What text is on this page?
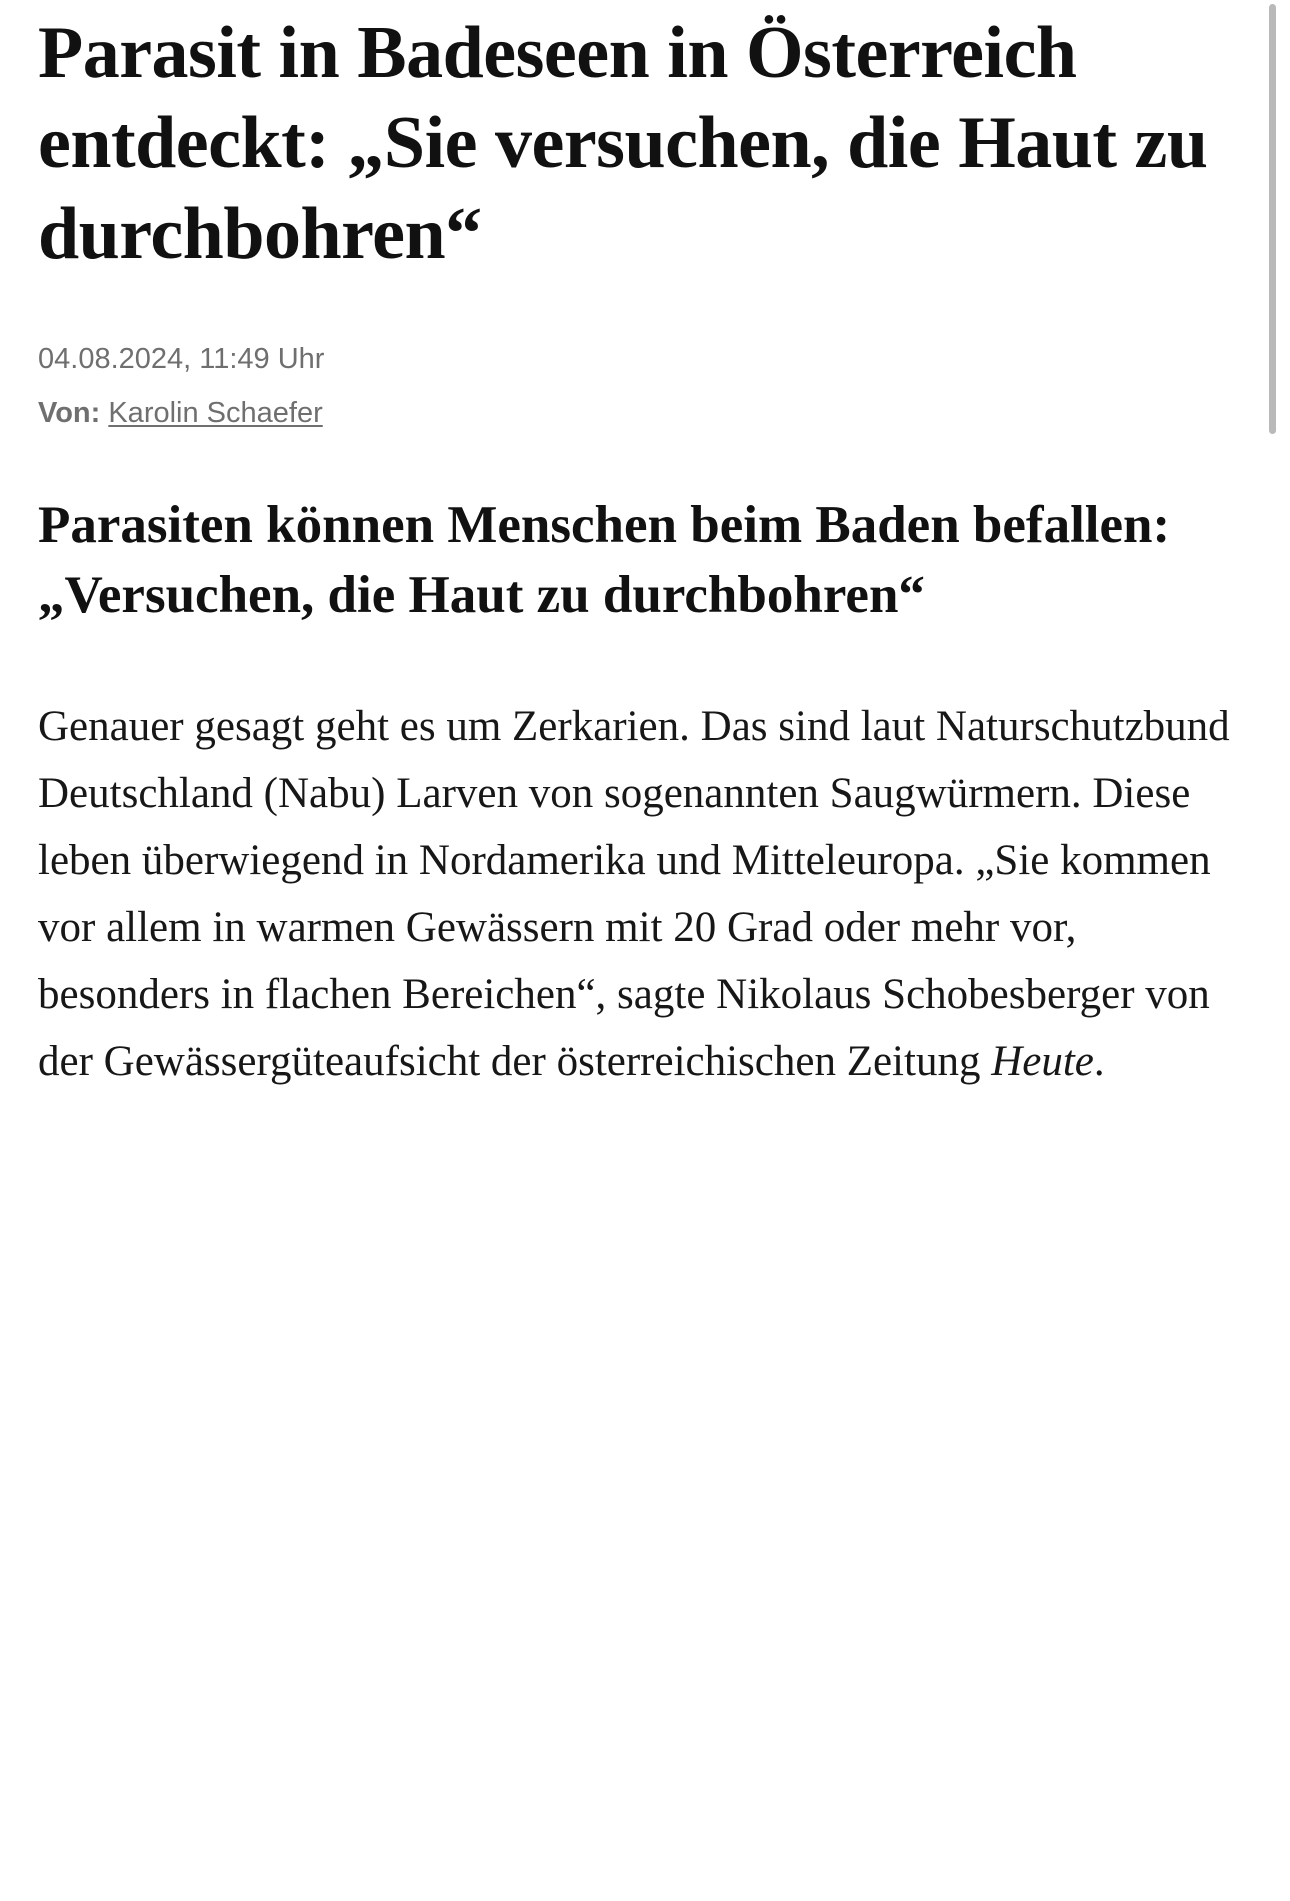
Parasit in Badeseen in Österreich entdeckt: „Sie versuchen, die Haut zu durchbohren“
04.08.2024, 11:49 Uhr
Von: Karolin Schaefer
Parasiten können Menschen beim Baden befallen: „Versuchen, die Haut zu durchbohren“

Genauer gesagt geht es um Zerkarien. Das sind laut Naturschutzbund Deutschland (Nabu) Larven von sogenannten Saugwürmern. Diese leben überwiegend in Nordamerika und Mitteleuropa. „Sie kommen vor allem in warmen Gewässern mit 20 Grad oder mehr vor, besonders in flachen Bereichen“, sagte Nikolaus Schobesberger von der Gewässergüteaufsicht der österreichischen Zeitung Heute.
